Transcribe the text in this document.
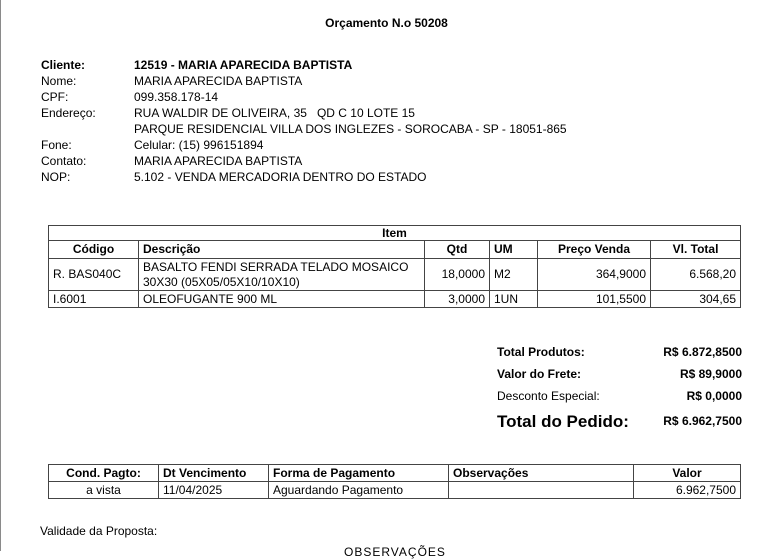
Orçamento N.o 50208
Cliente:	12519 - MARIA APARECIDA BAPTISTA
Nome:	MARIA APARECIDA BAPTISTA
CPF:	099.358.178-14
Endereço:	RUA WALDIR DE OLIVEIRA, 35   QD C 10 LOTE 15
PARQUE RESIDENCIAL VILLA DOS INGLEZES - SOROCABA - SP - 18051-865
Fone:	Celular: (15) 996151894
Contato:	MARIA APARECIDA BAPTISTA
NOP:	5.102 - VENDA MERCADORIA DENTRO DO ESTADO
Item					
Código	Descrição	Qtd	UM	Preço Venda	Vl. Total
R. BAS040C	BASALTO FENDI SERRADA TELADO MOSAICO 30X30 (05X05/05X10/10X10)	18,0000	M2	364,9000	6.568,20
I.6001	OLEOFUGANTE 900 ML	3,0000	1UN	101,5500	304,65
Total Produtos:	R$ 6.872,8500
Valor do Frete:	R$ 89,9000
Desconto Especial:	R$ 0,0000
Total do Pedido:	R$ 6.962,7500
Cond. Pagto:	Dt Vencimento	Forma de Pagamento	Observações	Valor
a vista	11/04/2025	Aguardando Pagamento		6.962,7500
Validade da Proposta:
OBSERVAÇÕES
